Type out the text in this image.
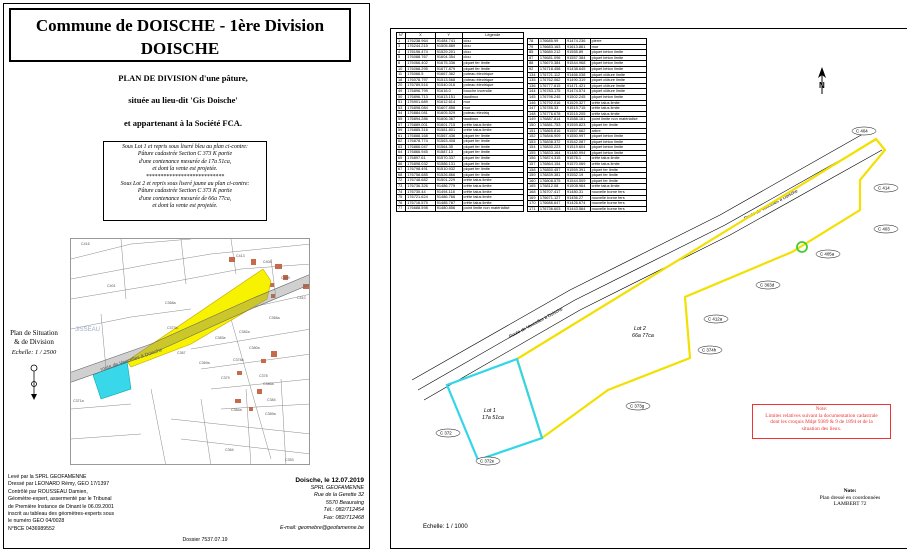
Commune de DOISCHE - 1ère Division
DOISCHE
PLAN DE DIVISION d'une pâture,
située au lieu-dit 'Gis Doische'
et appartenant à la Société FCA.
Sous Lot 1 et repris sous liseré bleu au plan ci-contre:
Pâture cadastrée Section C 373 K partie
d'une contenance mesurée de 17a 51ca,
et dont la vente est projetée.
***************************
Sous Lot 2 et repris sous liseré jaune au plan ci-contre:
Pâture cadastrée Section C 373 K partie
d'une contenance mesurée de 66a 77ca,
et dont la vente est projetée.
Plan de Situation
& de Division
Echelle: 1 / 2500	route de Vaucelles à Doische
JISSEAU
C416
C413
C408
C409
C410
C401
C368a
C366a
C369a
C367
C382a
C383e
C380a
C378a
C379	C378
C384a
C384
C386a
C389a
C373a
C371a
C364
C353
Levé par la SPRL GEOFAMENNE
Dressé par LEONARD Rémy, GEO 17/1397
Contrôlé par ROUSSEAU Damien,
Géomètre-expert, assermenté par le Tribunal
de Première Instance de Dinant le 06.09.2001
inscrit au tableau des géomètres-experts sous
le numéro GEO 04/0028
N°BCE 0436989552
Doische, le 12.07.2019
SPRL GEOFAMENNE
Rue de la Gerette 32
5570 Beauraing
Tél.: 082/712454
Fax: 082/712468
E-mail: geomebre@geofamenne.be
Dossier 7537.07.19
N°	X	Y	Légende
1	176238.964	91484.741	clou
3	176244.215	91505.889	clou
4	176196.474	91529.201	clou
5	176088.767	91604.354	clou
8	176066.402	91675.336	piquet fer limite
10	176068.295	91677.879	piquet fer limite
11	176066.5	91667.362	poteau électrique
18	176078.797	91513.568	poteau électrique
20	176789.516	91540.016	poteau électrique
49	176896.799	91616.0	bouche incendie
50	176896.713	91613.151	taudinux
51	176901.689	91612.614	mur
53	176898.084	91607.856	mur
54	176884.081	91605.529	poteau électriq
55	176894.286	91606.367	taudinux
57	176889.001	91601.715	crête talus limite
59	176885.316	91581.801	crête talus limite
61	176888.168	91567.436	piquet fer limite
62	176878.774	91563.408	piquet fer limite
63	176866.047	91564.35	piquet fer limite
64	176866.945	91587.13	piquet fer limite
65	176897.61	91570.337	piquet fer limite
66	176898.032	91586.131	piquet fer limite
67	176798.491	91510.932	piquet fer limite
68	176758.685	91526.866	piquet fer limite
72	176748.682	91501.229	crête talus limite
73	176736.326	91486.779	crête talus limite
74	176730.44	91494.118	crête talus limite
75	176721.624	91486.766	crête talus limite
76	176716.575	91485.787	crête talus limite
77	176688.598	91480.856	point limite non matérialisé
78	176685.99	91474.236	pierre
79	176683.163	91613.861	mur
85	176680.212	91555.89	piquet béton limite
87	176681.096	91557.384	piquet béton limite
88	176670.384	91544.968	piquet béton limite
92	176718.458	91438.645	piquet béton limite
134	176721.112	91466.038	piquet clôture limite
135	176762.062	91490.319	piquet clôture limite
136	176777.815	91471.421	piquet clôture limite
144	176783.175	91474.574	piquet clôture limite
145	176796.245	91502.245	piquet béton limite
146	176792.016	91529.327	crête talus limite
147	176785.33	91519.715	crête talus limite
148	176776.678	91515.205	crête talus limite
149	176887.814	91588.161	point limite non matérialisé
150	176881.753	91559.823	piquet fer limite
151	176865.816	91557.662	arbre
152	176846.909	91550.997	piquet béton limite
153	176838.372	91542.087	piquet béton limite
154	176830.223	91519.604	piquet béton limite
155	176833.164	91480.994	piquet béton limite
156	176874.315	91576.1	crête talus limite
157	176864.154	91570.069	crête talus limite
158	176850.457	91559.391	piquet fer limite
159	176839.381	91552.19	piquet fer limite
160	176808.575	91544.509	piquet fer limite
165	176812.08	91508.964	crête talus limite
168	176707.417	91480.31	nouvelle borne fers
169	176671.127	91456.27	nouvelle borne fers
170	176686.647	91426.674	nouvelle borne fers
171	176736.603	91443.564	nouvelle borne fers
N
Route de Vaucelles à Doische
Route de Vaucelles à Doische
Lot 2
66a 77ca
Lot 1
17a 51ca
C 404
C 414
C 403
C 405a
C 363d
C 412a
C 374h
C 373g
C 372
C 372e
Note:
Limites relatives suivant la documentation cadastrale
dont les croquis Mdpt 9389 & 9 de 1894 et de la
situation des lieux.
Note:
Plan dressé en coordonnées
LAMBERT 72
Echelle: 1 / 1000
